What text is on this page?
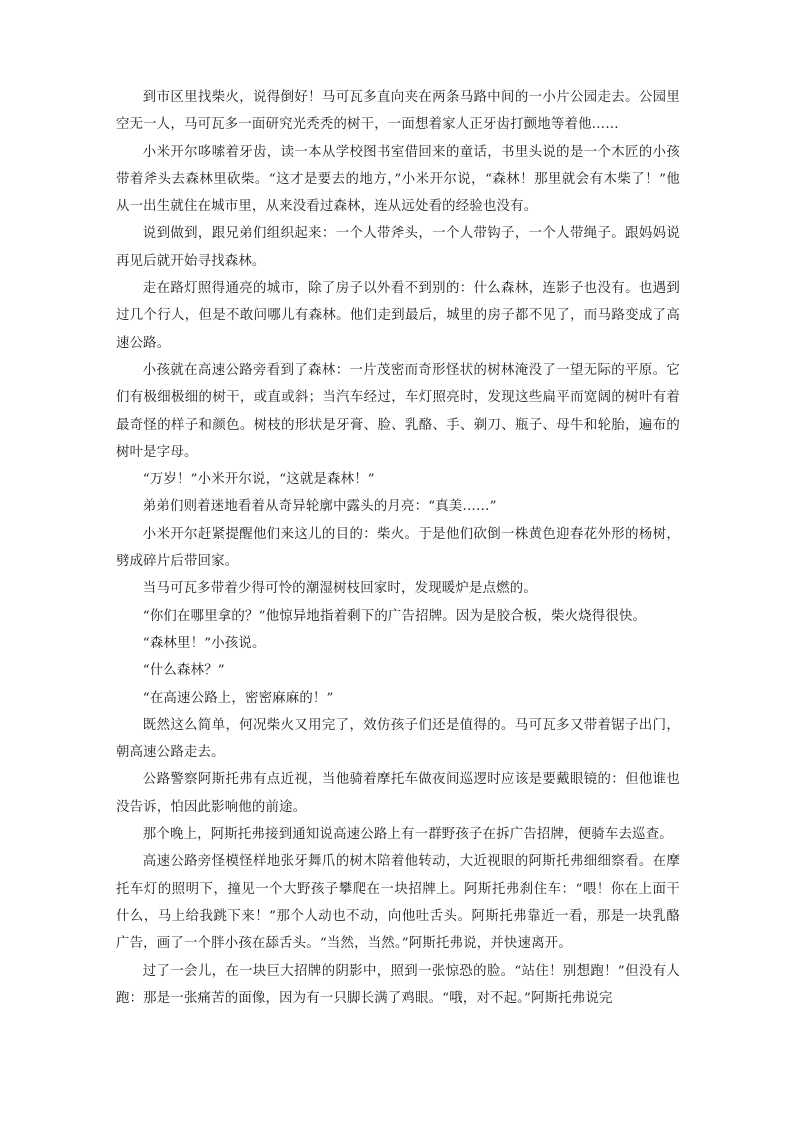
到市区里找柴火，说得倒好！马可瓦多直向夹在两条马路中间的一小片公园走去。公园里空无一人，马可瓦多一面研究光秃秃的树干，一面想着家人正牙齿打颤地等着他……

小米开尔哆嗦着牙齿，读一本从学校图书室借回来的童话，书里头说的是一个木匠的小孩带着斧头去森林里砍柴。“这才是要去的地方，”小米开尔说，“森林！那里就会有木柴了！”他从一出生就住在城市里，从来没看过森林，连从远处看的经验也没有。

说到做到，跟兄弟们组织起来：一个人带斧头，一个人带钩子，一个人带绳子。跟妈妈说再见后就开始寻找森林。

走在路灯照得通亮的城市，除了房子以外看不到别的：什么森林，连影子也没有。也遇到过几个行人，但是不敢问哪儿有森林。他们走到最后，城里的房子都不见了，而马路变成了高速公路。

小孩就在高速公路旁看到了森林：一片茂密而奇形怪状的树林淹没了一望无际的平原。它们有极细极细的树干，或直或斜；当汽车经过，车灯照亮时，发现这些扁平而宽阔的树叶有着最奇怪的样子和颜色。树枝的形状是牙膏、脸、乳酪、手、剃刀、瓶子、母牛和轮胎，遍布的树叶是字母。

“万岁！”小米开尔说，“这就是森林！”

弟弟们则着迷地看着从奇异轮廓中露头的月亮：“真美……”

小米开尔赶紧提醒他们来这儿的目的：柴火。于是他们砍倒一株黄色迎春花外形的杨树，劈成碎片后带回家。

当马可瓦多带着少得可怜的潮湿树枝回家时，发现暖炉是点燃的。

“你们在哪里拿的？”他惊异地指着剩下的广告招牌。因为是胶合板，柴火烧得很快。

“森林里！”小孩说。

“什么森林？”

“在高速公路上，密密麻麻的！”

既然这么简单，何况柴火又用完了，效仿孩子们还是值得的。马可瓦多又带着锯子出门，朝高速公路走去。

公路警察阿斯托弗有点近视，当他骑着摩托车做夜间巡逻时应该是要戴眼镜的：但他谁也没告诉，怕因此影响他的前途。

那个晚上，阿斯托弗接到通知说高速公路上有一群野孩子在拆广告招牌，便骑车去巡查。

高速公路旁怪模怪样地张牙舞爪的树木陪着他转动，大近视眼的阿斯托弗细细察看。在摩托车灯的照明下，撞见一个大野孩子攀爬在一块招牌上。阿斯托弗刹住车：“喂！你在上面干什么，马上给我跳下来！”那个人动也不动，向他吐舌头。阿斯托弗靠近一看，那是一块乳酪广告，画了一个胖小孩在舔舌头。“当然，当然。”阿斯托弗说，并快速离开。

过了一会儿，在一块巨大招牌的阴影中，照到一张惊恐的脸。“站住！别想跑！”但没有人跑：那是一张痛苦的面像，因为有一只脚长满了鸡眼。“哦，对不起。”阿斯托弗说完
